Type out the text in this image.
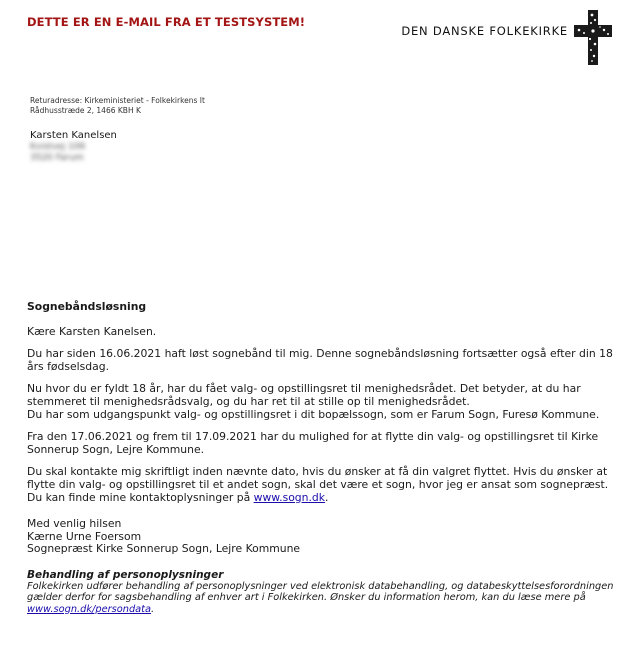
DETTE ER EN E-MAIL FRA ET TESTSYSTEM!
DEN DANSKE FOLKEKIRKE
Returadresse: Kirkeministeriet - Folkekirkens It
Rådhusstræde 2, 1466 KBH K
Karsten Kanelsen
Kvistvej 106
3520 Farum

Sognebåndsløsning

Kære Karsten Kanelsen.

Du har siden 16.06.2021 haft løst sognebånd til mig. Denne sognebåndsløsning fortsætter også efter din 18 års fødselsdag.

Nu hvor du er fyldt 18 år, har du fået valg- og opstillingsret til menighedsrådet. Det betyder, at du har stemmeret til menighedsrådsvalg, og du har ret til at stille op til menighedsrådet.
Du har som udgangspunkt valg- og opstillingsret i dit bopælssogn, som er Farum Sogn, Furesø Kommune.

Fra den 17.06.2021 og frem til 17.09.2021 har du mulighed for at flytte din valg- og opstillingsret til Kirke Sonnerup Sogn, Lejre Kommune.

Du skal kontakte mig skriftligt inden nævnte dato, hvis du ønsker at få din valgret flyttet. Hvis du ønsker at flytte din valg- og opstillingsret til et andet sogn, skal det være et sogn, hvor jeg er ansat som sognepræst. Du kan finde mine kontaktoplysninger på www.sogn.dk.

Med venlig hilsen
Kærne Urne Foersom
Sognepræst Kirke Sonnerup Sogn, Lejre Kommune
Behandling af personoplysninger
Folkekirken udfører behandling af personoplysninger ved elektronisk databehandling, og databeskyttelsesforordningen gælder derfor for sagsbehandling af enhver art i Folkekirken. Ønsker du information herom, kan du læse mere på www.sogn.dk/persondata.
